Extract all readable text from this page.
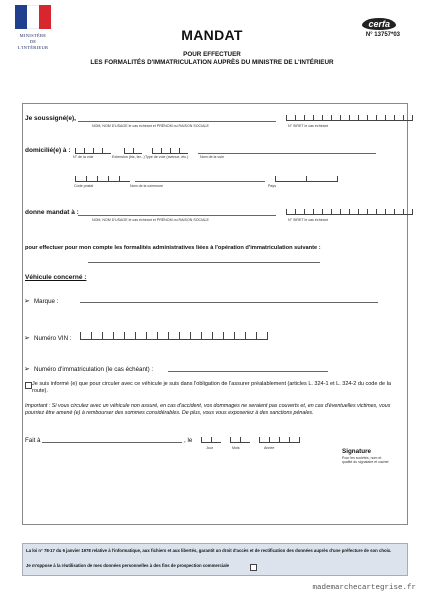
MINISTÈRE
DE
L'INTÉRIEUR
MANDAT
POUR EFFECTUER
LES FORMALITÉS D'IMMATRICULATION AUPRÈS DU MINISTRE DE L'INTÉRIEUR
cerfa
N° 13757*03
Je soussigné(e),
NOM, NOM D'USAGE le cas échéant et PRÉNOM ou RAISON SOCIALE	N° SIRET le cas échéant
domicilié(e) à :
N° de la voie	Extension (bis, ter...) Type de voie (avenue, etc.)	Nom de la voie
Code postal	Nom de la commune	Pays
donne mandat à :
NOM, NOM D'USAGE le cas échéant et PRÉNOM ou RAISON SOCIALE	N° SIRET le cas échéant
pour effectuer pour mon compte les formalités administratives liées à l'opération d'immatriculation suivante :
Véhicule concerné :
➢ Marque :
➢ Numéro VIN :
➢ Numéro d'immatriculation (le cas échéant) :
Je suis informé (e) que pour circuler avec ce véhicule je suis dans l'obligation de l'assurer préalablement (articles L. 324-1 et L. 324-2 du code de la route).
Important : Si vous circulez avec un véhicule non assuré, en cas d'accident, vos dommages ne seraient pas couverts et, en cas d'éventuelles victimes, vous pourriez être amené (e) à rembourser des sommes considérables. De plus, vous vous exposeriez à des sanctions pénales.
Fait à	, le
Jour	Mois	Année	Signature
Pour les sociétés, nom et qualité du signataire et cachet
La loi n° 78-17 du 6 janvier 1978 relative à l'informatique, aux fichiers et aux libertés, garantit un droit d'accès et de rectification des données auprès d'une préfecture de son choix.
Je m'oppose à la réutilisation de mes données personnelles à des fins de prospection commerciale
mademarchecartegrise.fr
